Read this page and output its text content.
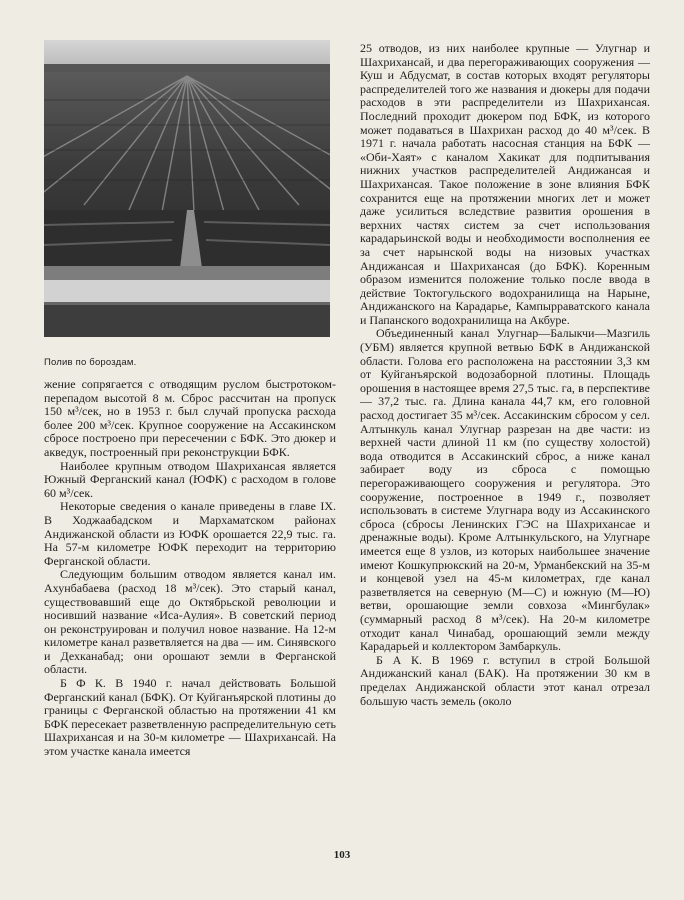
Полив по бороздам.

жение сопрягается с отводящим руслом быстротоком-перепадом высотой 8 м. Сброс рассчитан на пропуск 150 м³/сек, но в 1953 г. был случай пропуска расхода более 200 м³/сек. Крупное сооружение на Ассакинском сбросе построено при пересечении с БФК. Это дюкер и акведук, построенный при реконструкции БФК.

Наиболее крупным отводом Шахрихансая является Южный Ферганский канал (ЮФК) с расходом в голове 60 м³/сек.

Некоторые сведения о канале приведены в главе IX. В Ходжаабадском и Мархаматском районах Андижанской области из ЮФК орошается 22,9 тыс. га. На 57-м километре ЮФК переходит на территорию Ферганской области.

Следующим большим отводом является канал им. Ахунбабаева (расход 18 м³/сек). Это старый канал, существовавший еще до Октябрьской революции и носивший название «Иса-Аулия». В советский период он реконструирован и получил новое название. На 12-м километре канал разветвляется на два — им. Синявского и Дехканабад; они орошают земли в Ферганской области.

Б Ф К. В 1940 г. начал действовать Большой Ферганский канал (БФК). От Куйганъярской плотины до границы с Ферганской областью на протяжении 41 км БФК пересекает разветвленную распределительную сеть Шахрихансая и на 30-м километре — Шахрихансай. На этом участке канала имеется

25 отводов, из них наиболее крупные — Улугнар и Шахрихансай, и два перегораживающих сооружения — Куш и Абдусмат, в состав которых входят регуляторы распределителей того же названия и дюкеры для подачи расходов в эти распределители из Шахрихансая. Последний проходит дюкером под БФК, из которого может подаваться в Шахрихан расход до 40 м³/сек. В 1971 г. начала работать насосная станция на БФК — «Оби-Хаят» с каналом Хакикат для подпитывания нижних участков распределителей Андижансая и Шахрихансая. Такое положение в зоне влияния БФК сохранится еще на протяжении многих лет и может даже усилиться вследствие развития орошения в верхних частях систем за счет использования карадарьинской воды и необходимости восполнения ее за счет нарынской воды на низовых участках Андижансая и Шахрихансая (до БФК). Коренным образом изменится положение только после ввода в действие Токтогульского водохранилища на Нарыне, Андижанского на Карадарье, Кампырраватского канала и Папанского водохранилища на Акбуре.

Объединенный канал Улугнар—Балыкчи—Мазгиль (УБМ) является крупной ветвью БФК в Андижанской области. Голова его расположена на расстоянии 3,3 км от Куйганъярской водозаборной плотины. Площадь орошения в настоящее время 27,5 тыс. га, в перспективе — 37,2 тыс. га. Длина канала 44,7 км, его головной расход достигает 35 м³/сек. Ассакинским сбросом у сел. Алтынкуль канал Улугнар разрезан на две части: из верхней части длиной 11 км (по существу холостой) вода отводится в Ассакинский сброс, а ниже канал забирает воду из сброса с помощью перегораживающего сооружения и регулятора. Это сооружение, построенное в 1949 г., позволяет использовать в системе Улугнара воду из Ассакинского сброса (сбросы Ленинских ГЭС на Шахрихансае и дренажные воды). Кроме Алтынкульского, на Улугнаре имеется еще 8 узлов, из которых наибольшее значение имеют Кошкупрюкский на 20-м, Урманбекский на 35-м и концевой узел на 45-м километрах, где канал разветвляется на северную (М—С) и южную (М—Ю) ветви, орошающие земли совхоза «Мингбулак» (суммарный расход 8 м³/сек). На 20-м километре отходит канал Чинабад, орошающий земли между Карадарьей и коллектором Замбаркуль.

Б А К. В 1969 г. вступил в строй Большой Андижанский канал (БАК). На протяжении 30 км в пределах Андижанской области этот канал отрезал большую часть земель (около

103
